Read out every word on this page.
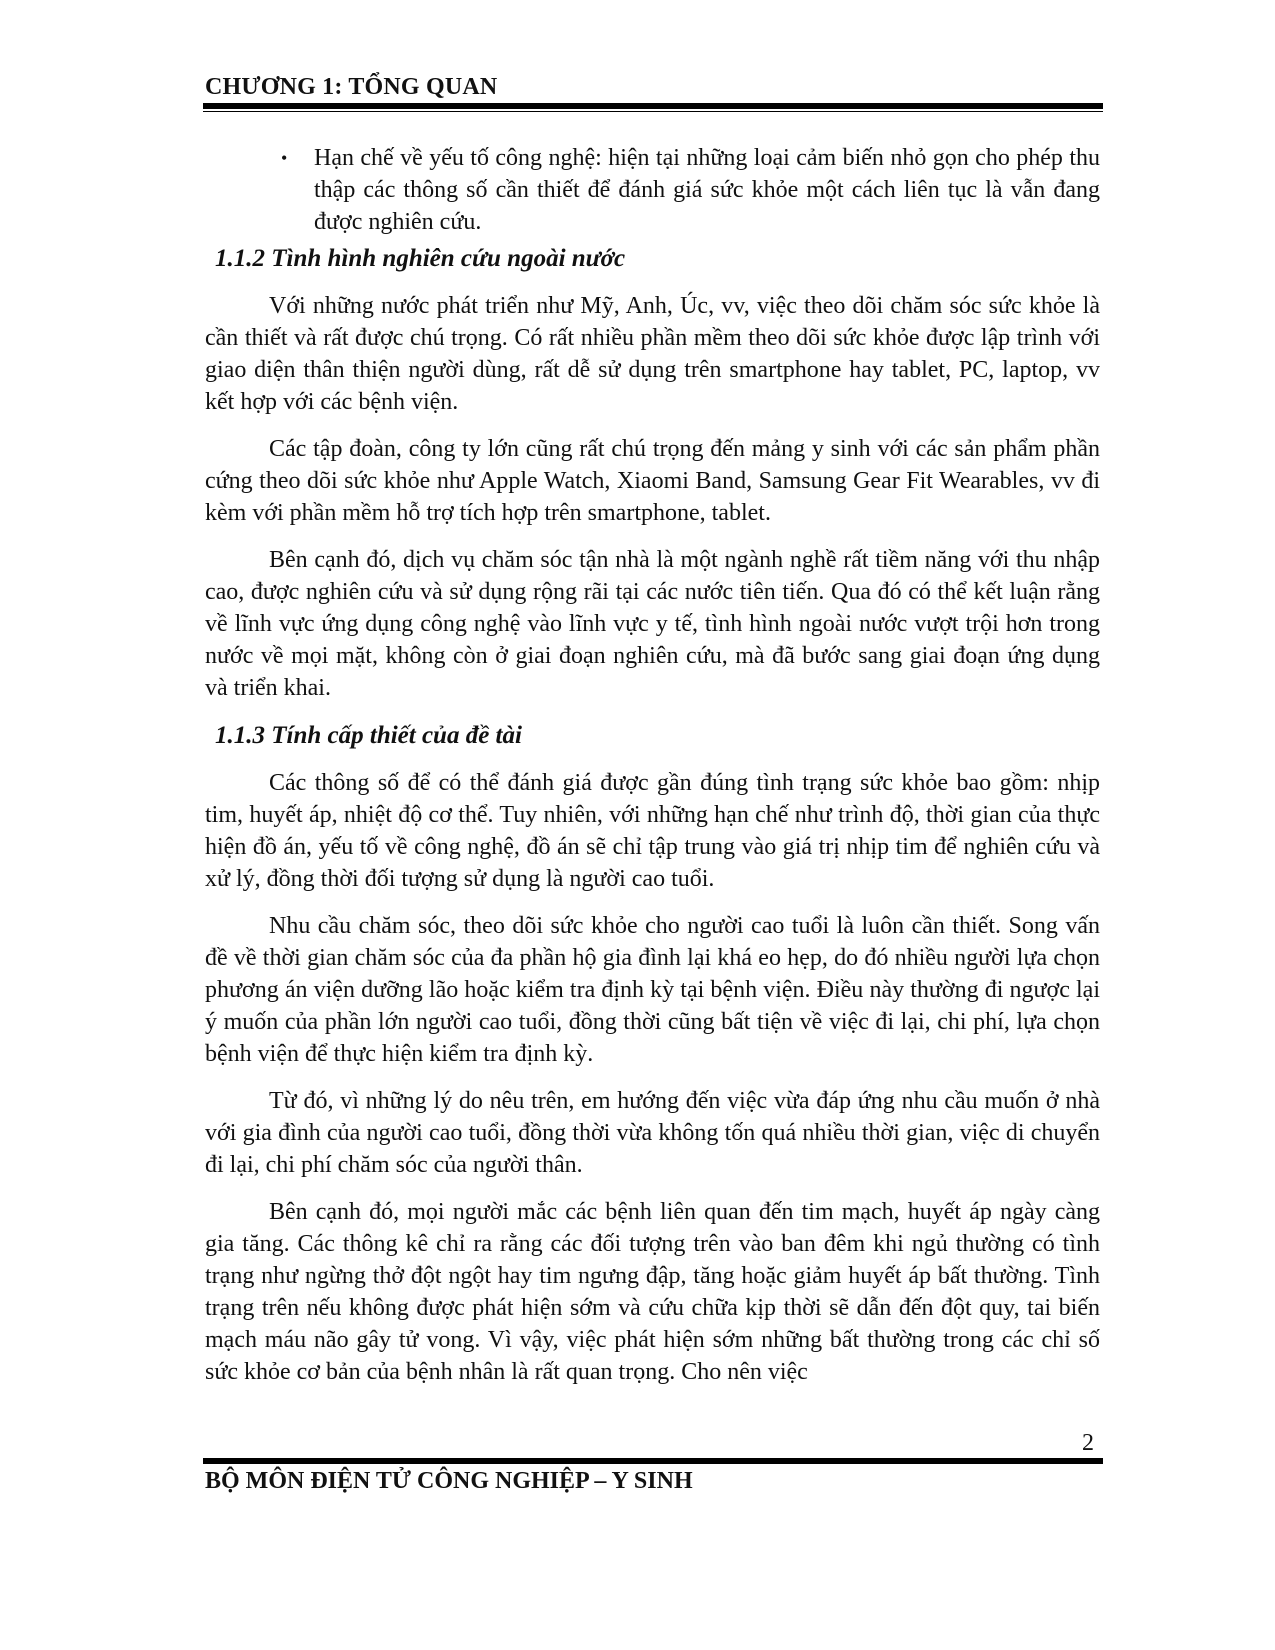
CHƯƠNG 1: TỔNG QUAN
• Hạn chế về yếu tố công nghệ: hiện tại những loại cảm biến nhỏ gọn cho phép thu thập các thông số cần thiết để đánh giá sức khỏe một cách liên tục là vẫn đang được nghiên cứu.
1.1.2 Tình hình nghiên cứu ngoài nước

Với những nước phát triển như Mỹ, Anh, Úc, vv, việc theo dõi chăm sóc sức khỏe là cần thiết và rất được chú trọng. Có rất nhiều phần mềm theo dõi sức khỏe được lập trình với giao diện thân thiện người dùng, rất dễ sử dụng trên smartphone hay tablet, PC, laptop, vv kết hợp với các bệnh viện.

Các tập đoàn, công ty lớn cũng rất chú trọng đến mảng y sinh với các sản phẩm phần cứng theo dõi sức khỏe như Apple Watch, Xiaomi Band, Samsung Gear Fit Wearables, vv đi kèm với phần mềm hỗ trợ tích hợp trên smartphone, tablet.

Bên cạnh đó, dịch vụ chăm sóc tận nhà là một ngành nghề rất tiềm năng với thu nhập cao, được nghiên cứu và sử dụng rộng rãi tại các nước tiên tiến. Qua đó có thể kết luận rằng về lĩnh vực ứng dụng công nghệ vào lĩnh vực y tế, tình hình ngoài nước vượt trội hơn trong nước về mọi mặt, không còn ở giai đoạn nghiên cứu, mà đã bước sang giai đoạn ứng dụng và triển khai.

1.1.3 Tính cấp thiết của đề tài

Các thông số để có thể đánh giá được gần đúng tình trạng sức khỏe bao gồm: nhịp tim, huyết áp, nhiệt độ cơ thể. Tuy nhiên, với những hạn chế như trình độ, thời gian của thực hiện đồ án, yếu tố về công nghệ, đồ án sẽ chỉ tập trung vào giá trị nhịp tim để nghiên cứu và xử lý, đồng thời đối tượng sử dụng là người cao tuổi.

Nhu cầu chăm sóc, theo dõi sức khỏe cho người cao tuổi là luôn cần thiết. Song vấn đề về thời gian chăm sóc của đa phần hộ gia đình lại khá eo hẹp, do đó nhiều người lựa chọn phương án viện dưỡng lão hoặc kiểm tra định kỳ tại bệnh viện. Điều này thường đi ngược lại ý muốn của phần lớn người cao tuổi, đồng thời cũng bất tiện về việc đi lại, chi phí, lựa chọn bệnh viện để thực hiện kiểm tra định kỳ.

Từ đó, vì những lý do nêu trên, em hướng đến việc vừa đáp ứng nhu cầu muốn ở nhà với gia đình của người cao tuổi, đồng thời vừa không tốn quá nhiều thời gian, việc di chuyển đi lại, chi phí chăm sóc của người thân.

Bên cạnh đó, mọi người mắc các bệnh liên quan đến tim mạch, huyết áp ngày càng gia tăng. Các thông kê chỉ ra rằng các đối tượng trên vào ban đêm khi ngủ thường có tình trạng như ngừng thở đột ngột hay tim ngưng đập, tăng hoặc giảm huyết áp bất thường. Tình trạng trên nếu không được phát hiện sớm và cứu chữa kịp thời sẽ dẫn đến đột quy, tai biến mạch máu não gây tử vong. Vì vậy, việc phát hiện sớm những bất thường trong các chỉ số sức khỏe cơ bản của bệnh nhân là rất quan trọng. Cho nên việc

2
BỘ MÔN ĐIỆN TỬ CÔNG NGHIỆP – Y SINH
